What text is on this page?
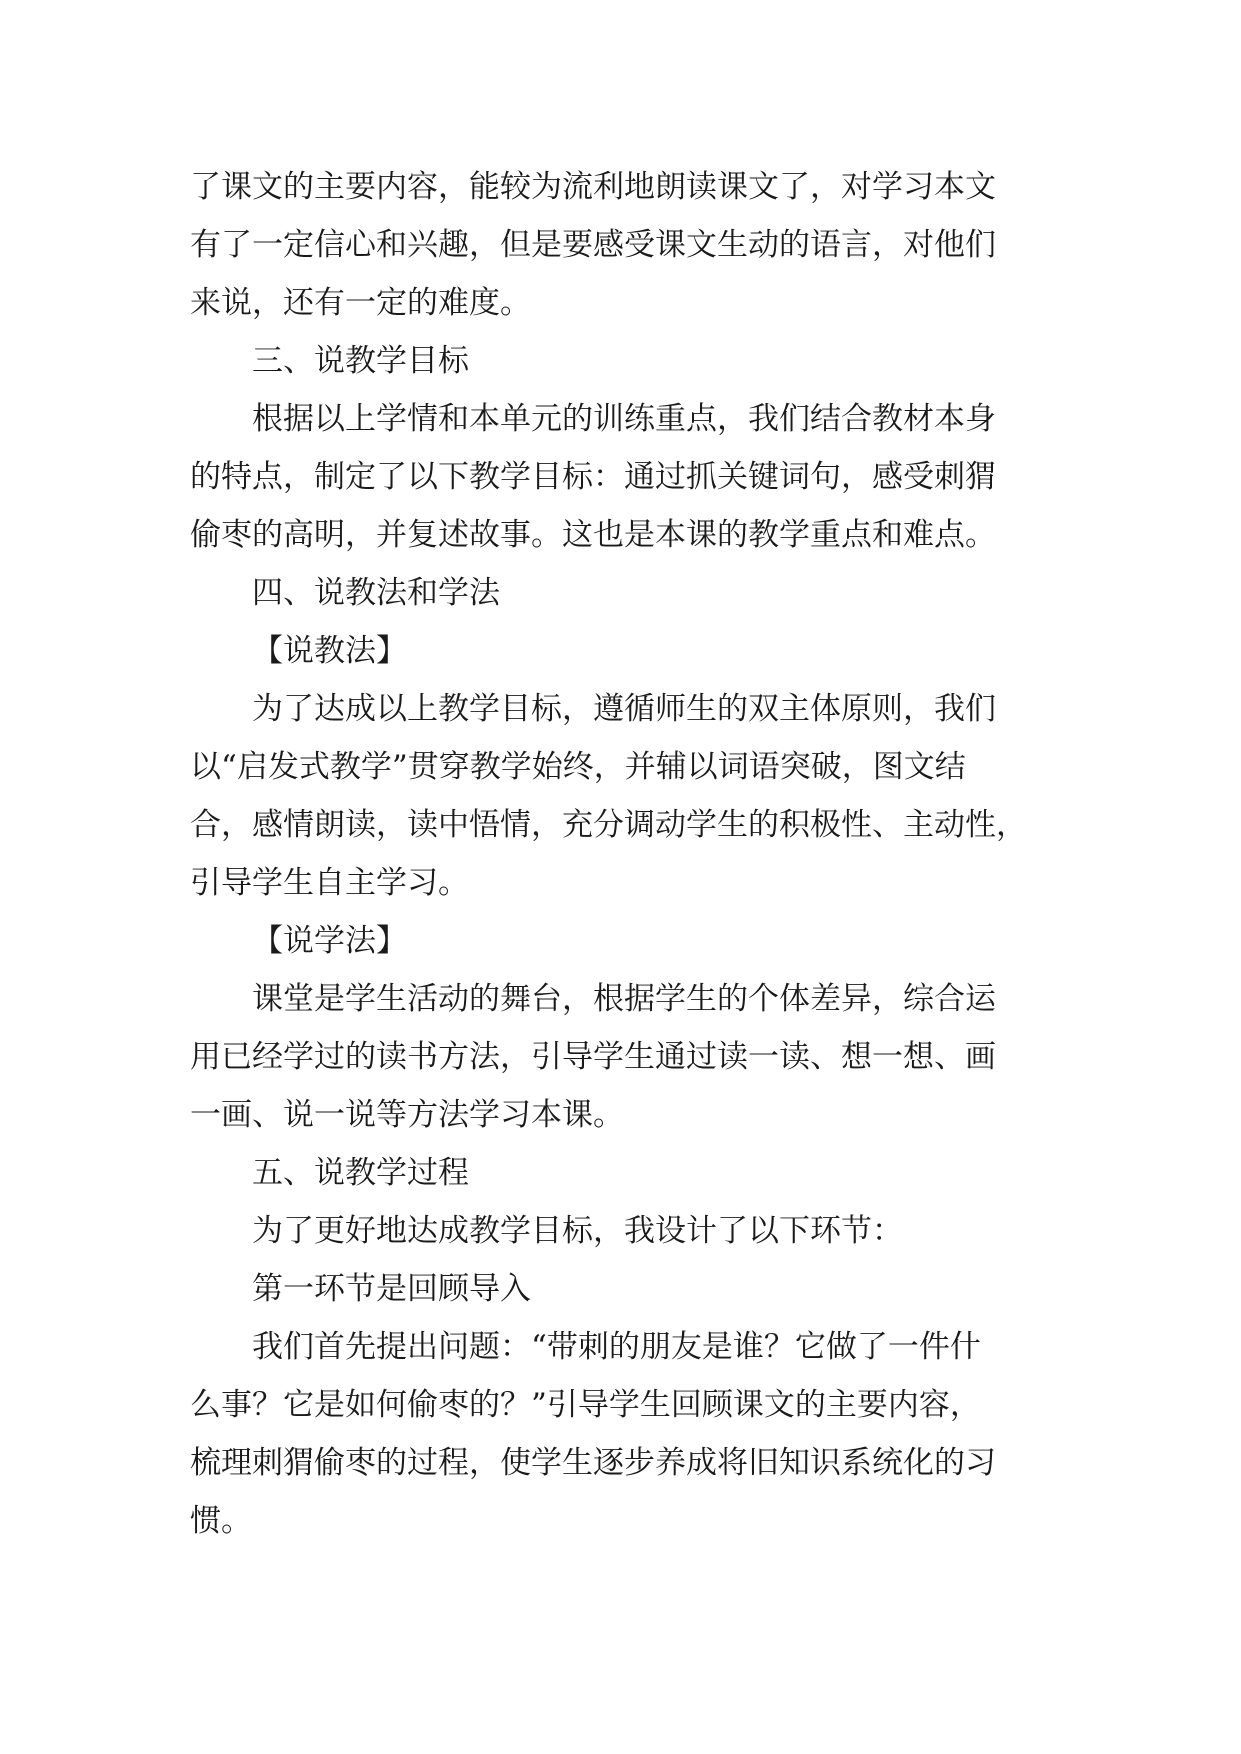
了课文的主要内容，能较为流利地朗读课文了，对学习本文
有了一定信心和兴趣，但是要感受课文生动的语言，对他们
来说，还有一定的难度。
三、说教学目标
根据以上学情和本单元的训练重点，我们结合教材本身
的特点，制定了以下教学目标：通过抓关键词句，感受刺猬
偷枣的高明，并复述故事。这也是本课的教学重点和难点。
四、说教法和学法
【说教法】
为了达成以上教学目标，遵循师生的双主体原则，我们
以“启发式教学”贯穿教学始终，并辅以词语突破，图文结
合，感情朗读，读中悟情，充分调动学生的积极性、主动性，
引导学生自主学习。
【说学法】
课堂是学生活动的舞台，根据学生的个体差异，综合运
用已经学过的读书方法，引导学生通过读一读、想一想、画
一画、说一说等方法学习本课。
五、说教学过程
为了更好地达成教学目标，我设计了以下环节：
第一环节是回顾导入
我们首先提出问题：“带刺的朋友是谁？它做了一件什
么事？它是如何偷枣的？”引导学生回顾课文的主要内容，
梳理刺猬偷枣的过程，使学生逐步养成将旧知识系统化的习
惯。
